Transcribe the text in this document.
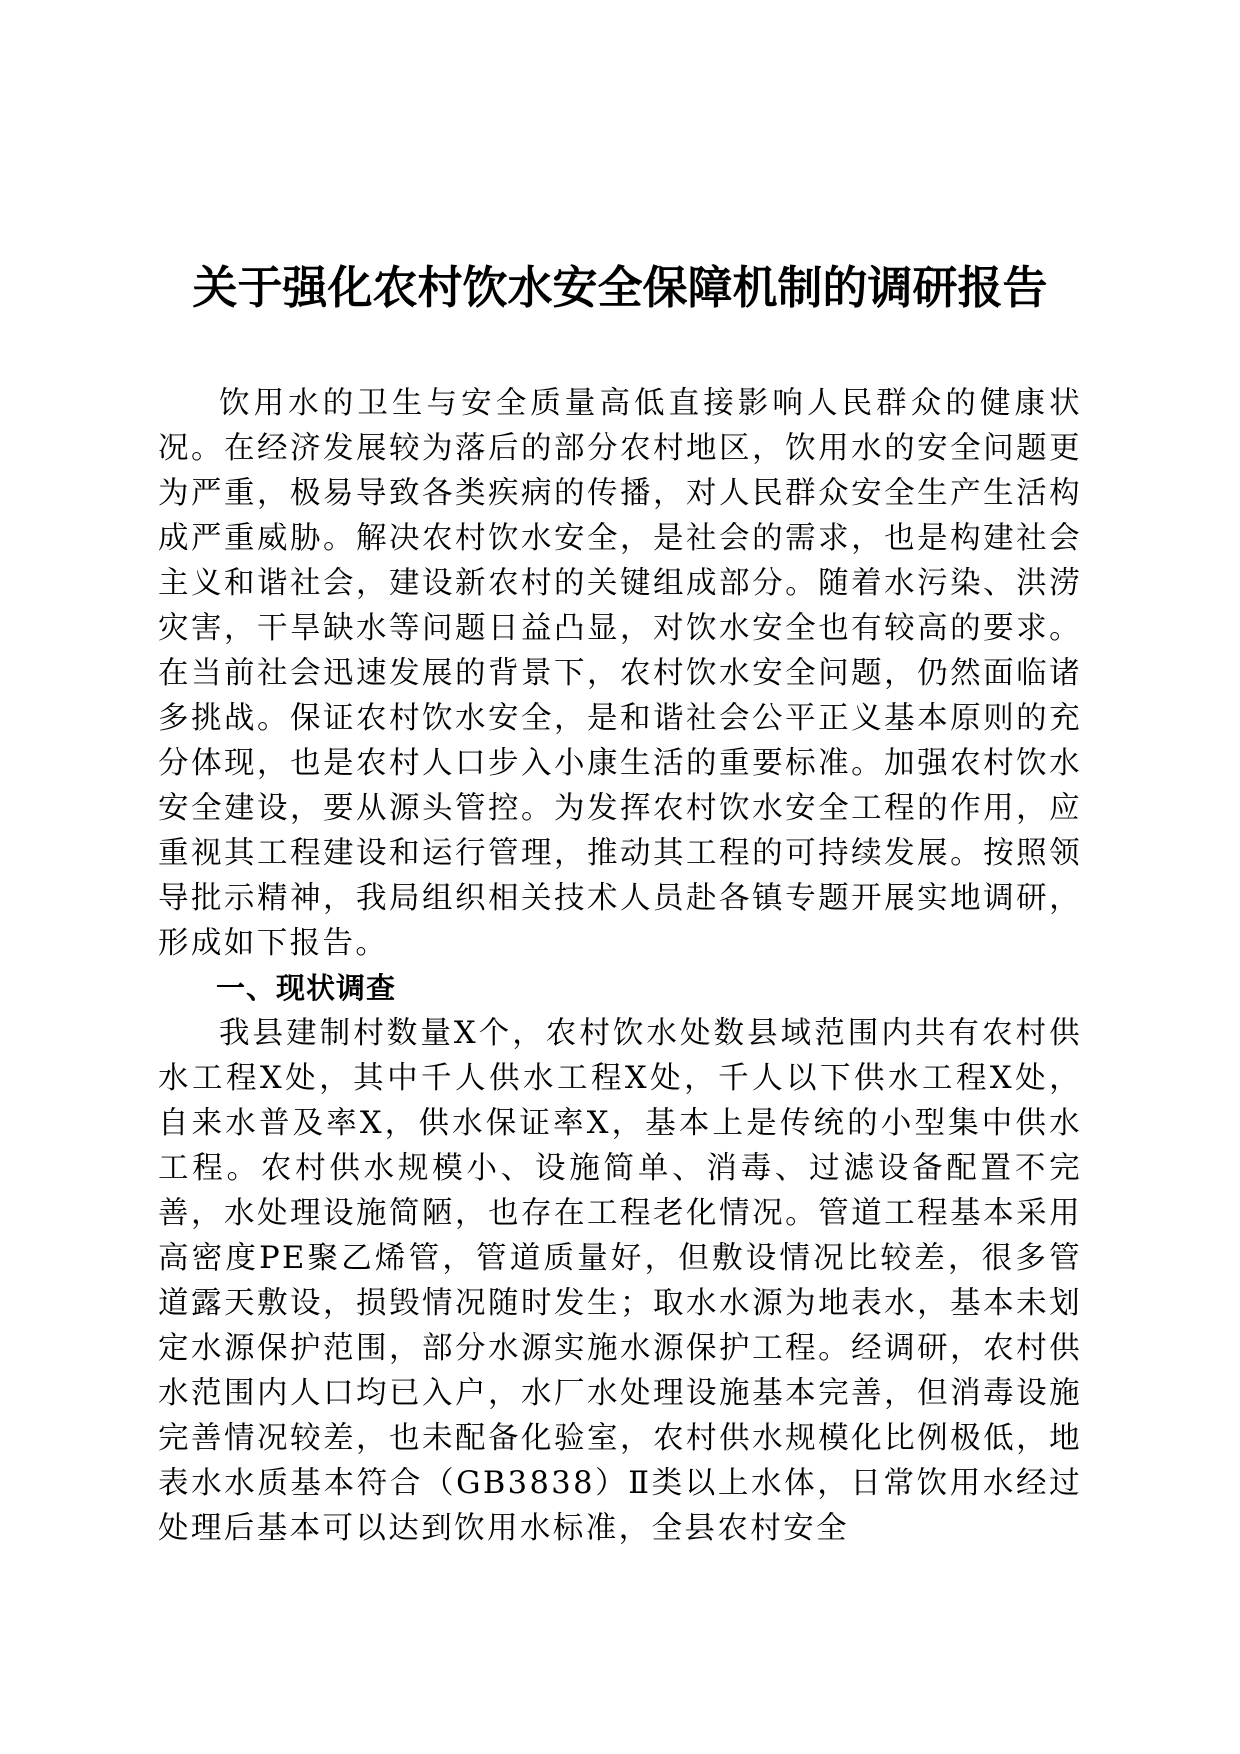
关于强化农村饮水安全保障机制的调研报告

饮用水的卫生与安全质量高低直接影响人民群众的健康状况。在经济发展较为落后的部分农村地区，饮用水的安全问题更为严重，极易导致各类疾病的传播，对人民群众安全生产生活构成严重威胁。解决农村饮水安全，是社会的需求，也是构建社会主义和谐社会，建设新农村的关键组成部分。随着水污染、洪涝灾害，干旱缺水等问题日益凸显，对饮水安全也有较高的要求。在当前社会迅速发展的背景下，农村饮水安全问题，仍然面临诸多挑战。保证农村饮水安全，是和谐社会公平正义基本原则的充分体现，也是农村人口步入小康生活的重要标准。加强农村饮水安全建设，要从源头管控。为发挥农村饮水安全工程的作用，应重视其工程建设和运行管理，推动其工程的可持续发展。按照领导批示精神，我局组织相关技术人员赴各镇专题开展实地调研，形成如下报告。

一、现状调查

我县建制村数量X个，农村饮水处数县域范围内共有农村供水工程X处，其中千人供水工程X处，千人以下供水工程X处，自来水普及率X，供水保证率X，基本上是传统的小型集中供水工程。农村供水规模小、设施简单、消毒、过滤设备配置不完善，水处理设施简陋，也存在工程老化情况。管道工程基本采用高密度PE聚乙烯管，管道质量好，但敷设情况比较差，很多管道露天敷设，损毁情况随时发生；取水水源为地表水，基本未划定水源保护范围，部分水源实施水源保护工程。经调研，农村供水范围内人口均已入户，水厂水处理设施基本完善，但消毒设施完善情况较差，也未配备化验室，农村供水规模化比例极低，地表水水质基本符合（GB3838）Ⅱ类以上水体，日常饮用水经过处理后基本可以达到饮用水标准，全县农村安全
